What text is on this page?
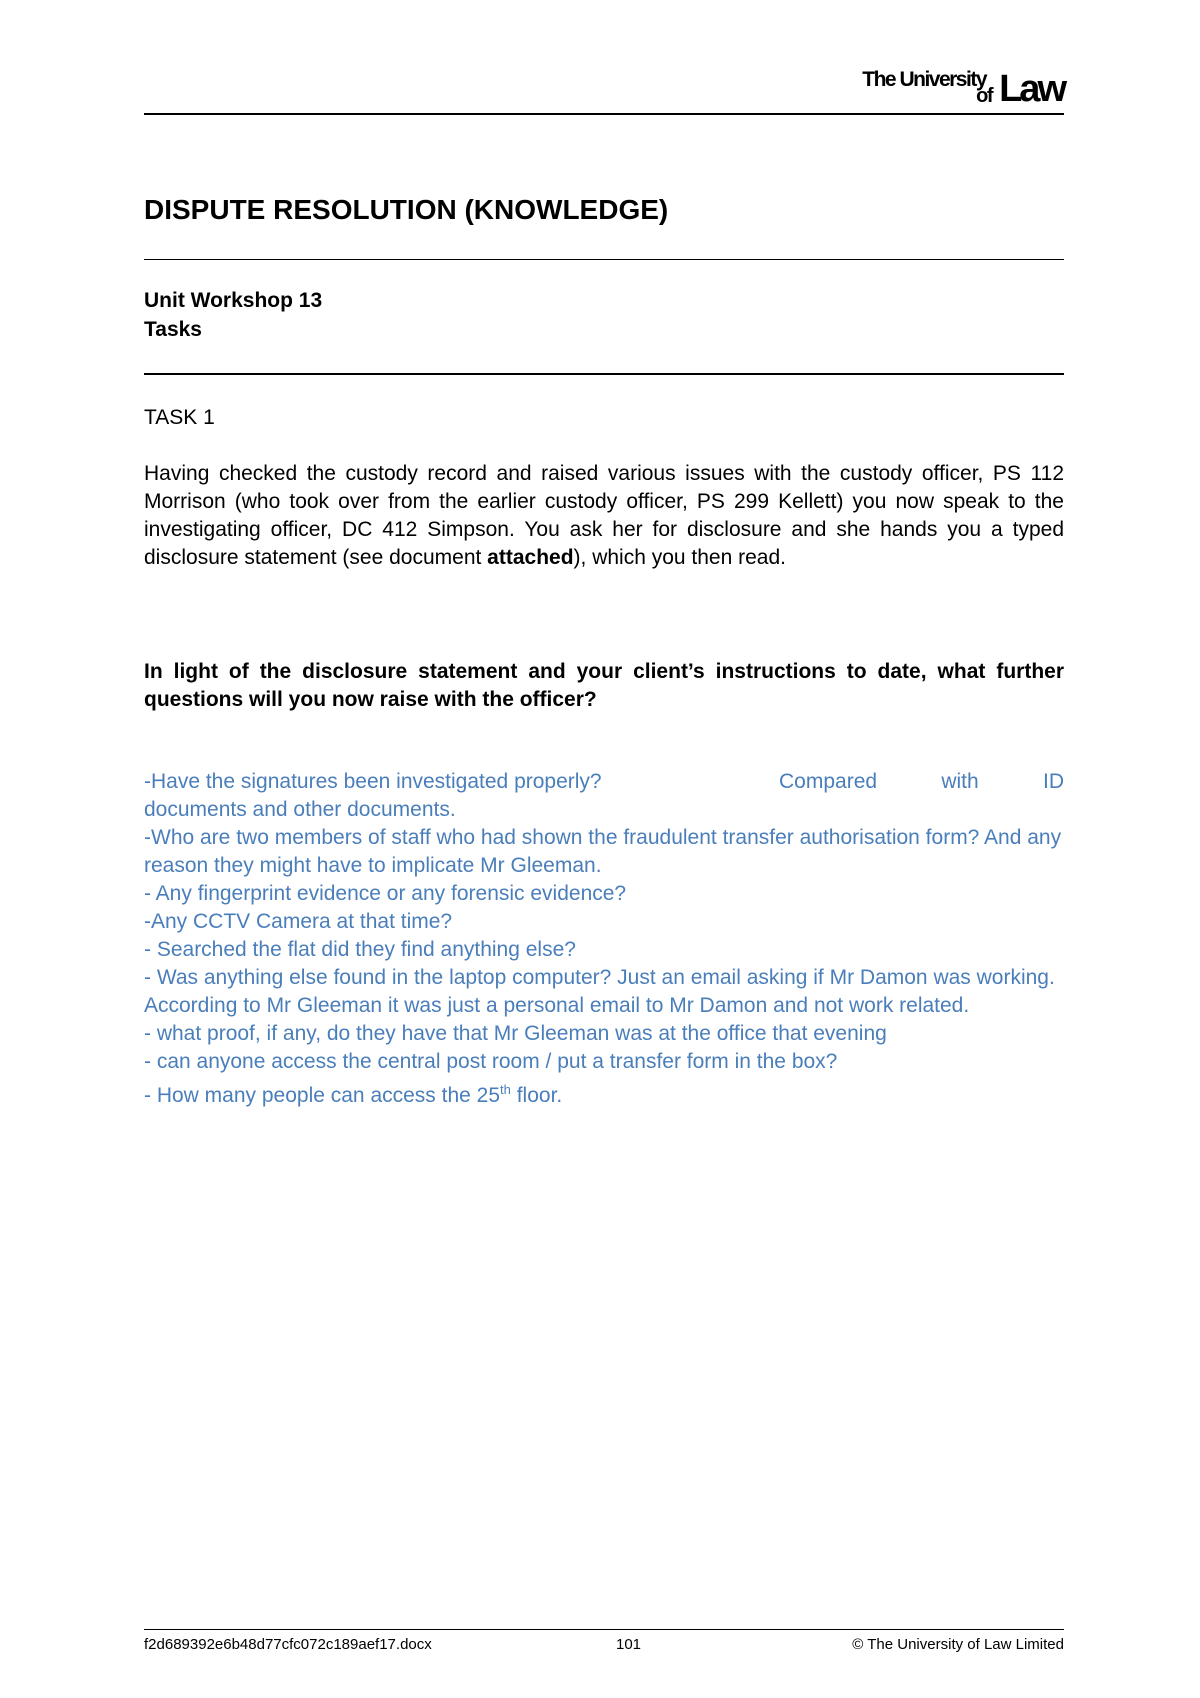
The University
of Law
DISPUTE RESOLUTION (KNOWLEDGE)
Unit Workshop 13
Tasks
TASK 1
Having checked the custody record and raised various issues with the custody officer, PS 112 Morrison (who took over from the earlier custody officer, PS 299 Kellett) you now speak to the investigating officer, DC 412 Simpson. You ask her for disclosure and she hands you a typed disclosure statement (see document attached), which you then read.
In light of the disclosure statement and your client’s instructions to date, what further questions will you now raise with the officer?
-Have the signatures been investigated properly?	Compared	with	ID
documents and other documents.
-Who are two members of staff who had shown the fraudulent transfer authorisation form? And any reason they might have to implicate Mr Gleeman.
- Any fingerprint evidence or any forensic evidence?
-Any CCTV Camera at that time?
- Searched the flat did they find anything else?
- Was anything else found in the laptop computer? Just an email asking if Mr Damon was working. According to Mr Gleeman it was just a personal email to Mr Damon and not work related.
- what proof, if any, do they have that Mr Gleeman was at the office that evening
- can anyone access the central post room / put a transfer form in the box?
- How many people can access the 25th floor.
f2d689392e6b48d77cfc072c189aef17.docx	101	© The University of Law Limited
